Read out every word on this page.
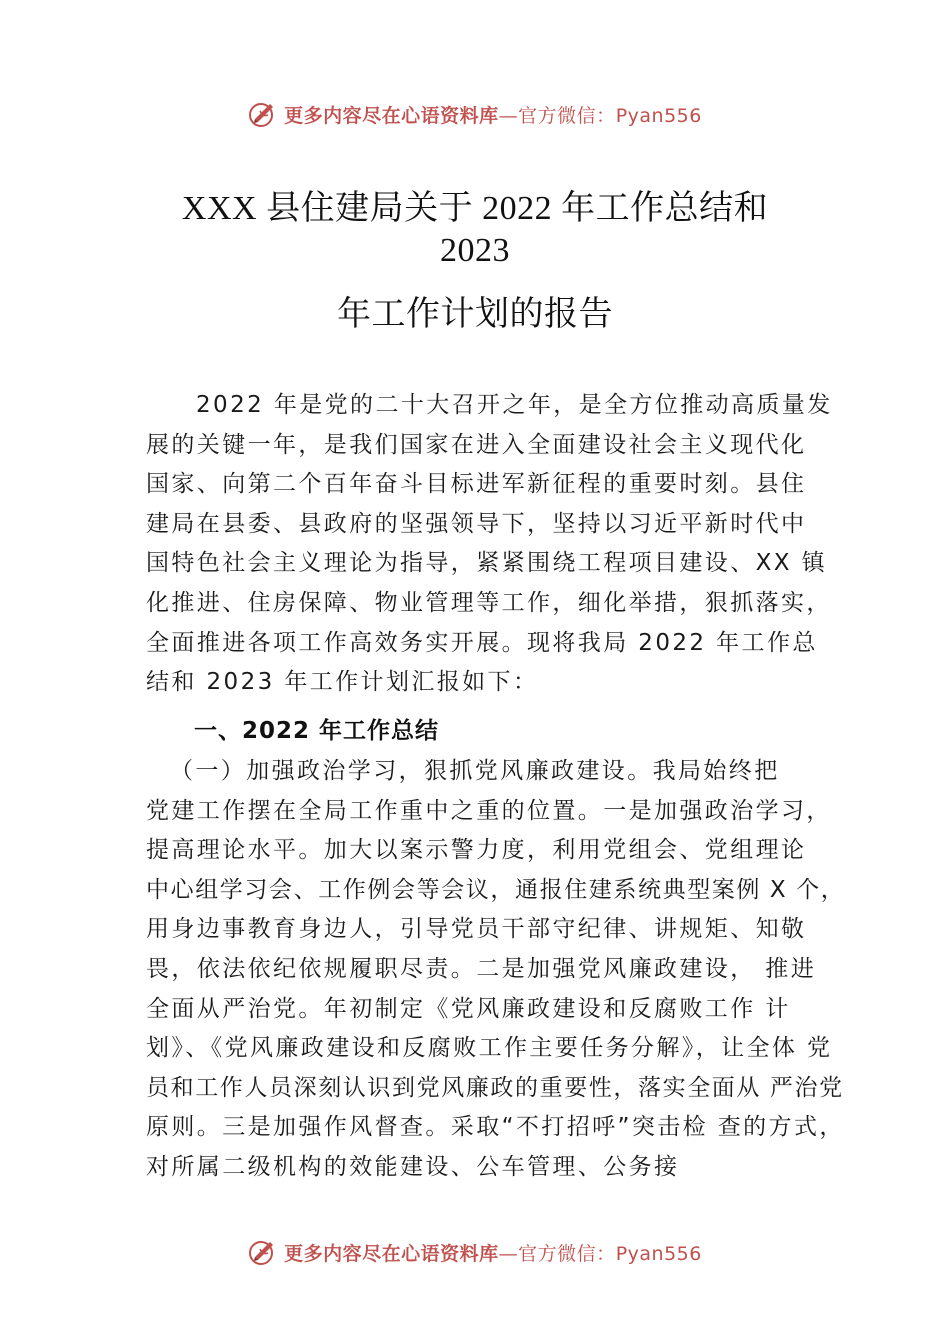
更多内容尽在心语资料库—官方微信：Pyan556
XXX 县住建局关于 2022 年工作总结和
2023
年工作计划的报告
2022 年是党的二十大召开之年，是全方位推动高质量发
展的关键一年，是我们国家在进入全面建设社会主义现代化
国家、向第二个百年奋斗目标进军新征程的重要时刻。县住
建局在县委、县政府的坚强领导下，坚持以习近平新时代中
国特色社会主义理论为指导，紧紧围绕工程项目建设、XX 镇
化推进、住房保障、物业管理等工作，细化举措，狠抓落实，
全面推进各项工作高效务实开展。现将我局 2022 年工作总
结和 2023 年工作计划汇报如下：
一、2022 年工作总结
（一）加强政治学习，狠抓党风廉政建设。我局始终把
党建工作摆在全局工作重中之重的位置。一是加强政治学习，
提高理论水平。加大以案示警力度，利用党组会、党组理论
中心组学习会、工作例会等会议，通报住建系统典型案例 X 个，
用身边事教育身边人，引导党员干部守纪律、讲规矩、知敬
畏，依法依纪依规履职尽责。二是加强党风廉政建设， 推进
全面从严治党。年初制定《党风廉政建设和反腐败工作 计
划》、《党风廉政建设和反腐败工作主要任务分解》，让全体 党
员和工作人员深刻认识到党风廉政的重要性，落实全面从 严治党
原则。三是加强作风督查。采取“不打招呼”突击检 查的方式，
对所属二级机构的效能建设、公车管理、公务接
更多内容尽在心语资料库—官方微信：Pyan556
